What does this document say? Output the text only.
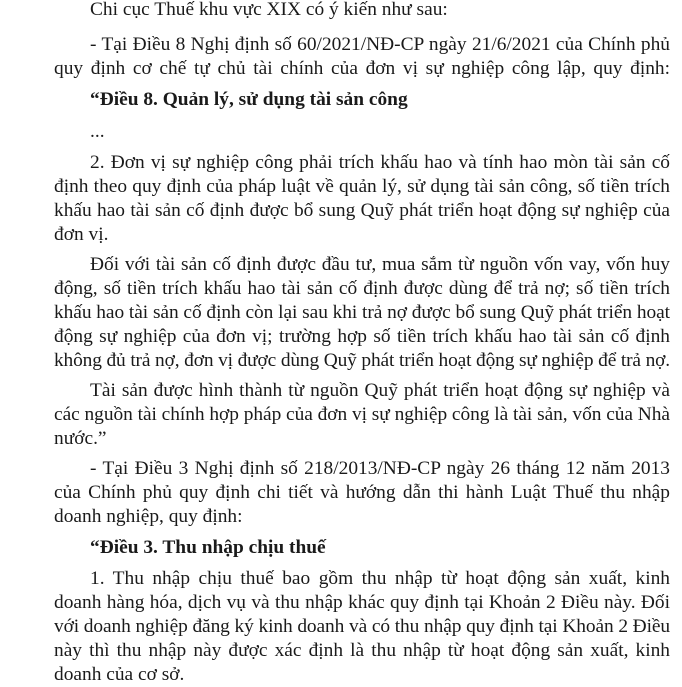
Chi cục Thuế khu vực XIX có ý kiến như sau:
- Tại Điều 8 Nghị định số 60/2021/NĐ-CP ngày 21/6/2021 của Chính phủ
quy định cơ chế tự chủ tài chính của đơn vị sự nghiệp công lập, quy định:
“Điều 8. Quản lý, sử dụng tài sản công
...
2. Đơn vị sự nghiệp công phải trích khấu hao và tính hao mòn tài sản cố
định theo quy định của pháp luật về quản lý, sử dụng tài sản công, số tiền trích
khấu hao tài sản cố định được bổ sung Quỹ phát triển hoạt động sự nghiệp của
đơn vị.
Đối với tài sản cố định được đầu tư, mua sắm từ nguồn vốn vay, vốn huy
động, số tiền trích khấu hao tài sản cố định được dùng để trả nợ; số tiền trích
khấu hao tài sản cố định còn lại sau khi trả nợ được bổ sung Quỹ phát triển hoạt
động sự nghiệp của đơn vị; trường hợp số tiền trích khấu hao tài sản cố định
không đủ trả nợ, đơn vị được dùng Quỹ phát triển hoạt động sự nghiệp để trả nợ.
Tài sản được hình thành từ nguồn Quỹ phát triển hoạt động sự nghiệp và
các nguồn tài chính hợp pháp của đơn vị sự nghiệp công là tài sản, vốn của Nhà
nước.”
- Tại Điều 3 Nghị định số 218/2013/NĐ-CP ngày 26 tháng 12 năm 2013
của Chính phủ quy định chi tiết và hướng dẫn thi hành Luật Thuế thu nhập
doanh nghiệp, quy định:
“Điều 3. Thu nhập chịu thuế
1. Thu nhập chịu thuế bao gồm thu nhập từ hoạt động sản xuất, kinh
doanh hàng hóa, dịch vụ và thu nhập khác quy định tại Khoản 2 Điều này. Đối
với doanh nghiệp đăng ký kinh doanh và có thu nhập quy định tại Khoản 2 Điều
này thì thu nhập này được xác định là thu nhập từ hoạt động sản xuất, kinh
doanh của cơ sở.
